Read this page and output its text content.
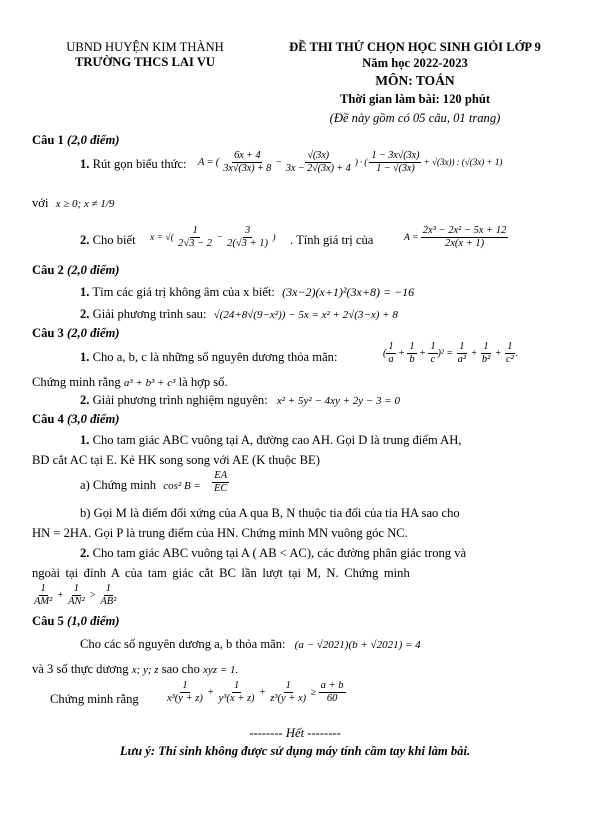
UBND HUYỆN KIM THÀNH
TRƯỜNG THCS LAI VU
ĐỀ THI THỬ CHỌN HỌC SINH GIỎI LỚP 9
Năm học 2022-2023
MÔN: TOÁN
Thời gian làm bài: 120 phút
(Đề này gồm có 05 câu, 01 trang)
Câu 1 (2,0 điểm)
1. Rút gọn biểu thức: A = ( $\frac{6x + 4}{3x√(3x) + 8} - \frac{√(3x)}{3x - 2√(3x) + 4}$ ) · ( $\frac{1 - 3x√(3x)}{1 - √(3x)} + √(3x)$) : (√(3x) + 1)
với x ≥ 0; x ≠ 1/9
2. Cho biết x = √( $\frac{1}{2√3 - 2} - \frac{3}{2(√3 + 1)}$ ) . Tính giá trị của	$A = \frac{\text{2x³ − 2x² − 5x + 12}}{2x(x + 1)}$
Câu 2 (2,0 điểm)
1. Tìm các giá trị không âm của x biết: (3x−2)(x+1)²(3x+8) = −16
2. Giải phương trình sau: √(24+8√(9−x²)) − 5x = x² + 2√(3−x) + 8
Câu 3 (2,0 điểm)
1. Cho a, b, c là những số nguyên dương thỏa mãn:	( $\frac{1}{a} + \frac{1}{b} + \frac{1}{c} )^2 = \frac{1}{\text{a²}} + \frac{1}{\text{b²}} + \frac{1}{\text{c²}}$ .
Chứng minh rằng a³ + b³ + c³ là hợp số.
2. Giải phương trình nghiệm nguyên: x² + 5y² − 4xy + 2y − 3 = 0
Câu 4 (3,0 điểm)
1. Cho tam giác ABC vuông tại A, đường cao AH. Gọi D là trung điểm AH,
BD cắt AC tại E. Kẻ HK song song với AE (K thuộc BE)
a) Chứng minh cos² $B = \frac{EA}{EC}$
b) Gọi M là điểm đối xứng của A qua B, N thuộc tia đối của tia HA sao cho
HN = 2HA. Gọi P là trung điểm của HN. Chứng minh MN vuông góc NC.
2. Cho tam giác ABC vuông tại A ( AB < AC), các đường phân giác trong và
ngoài tại đỉnh A của tam giác cắt BC lần lượt tại M, N. Chứng minh
$\frac{1}{\text{AM²}} + \frac{1}{\text{AN²}} > \frac{1}{\text{AB²}}$
Câu 5 (1,0 điểm)
Cho các số nguyên dương a, b thỏa mãn: (a − √2021)(b + √2021) = 4
và 3 số thực dương x; y; z sao cho xyz = 1.
Chứng minh rằng	$\frac{1}{\text{x³(y + z)}} + \frac{1}{\text{y³(x + z)}} + \frac{1}{\text{z³(y + x)}} \ge \frac{a + b}{60}$
-------- Hết --------
Lưu ý: Thí sinh không được sử dụng máy tính cầm tay khi làm bài.
